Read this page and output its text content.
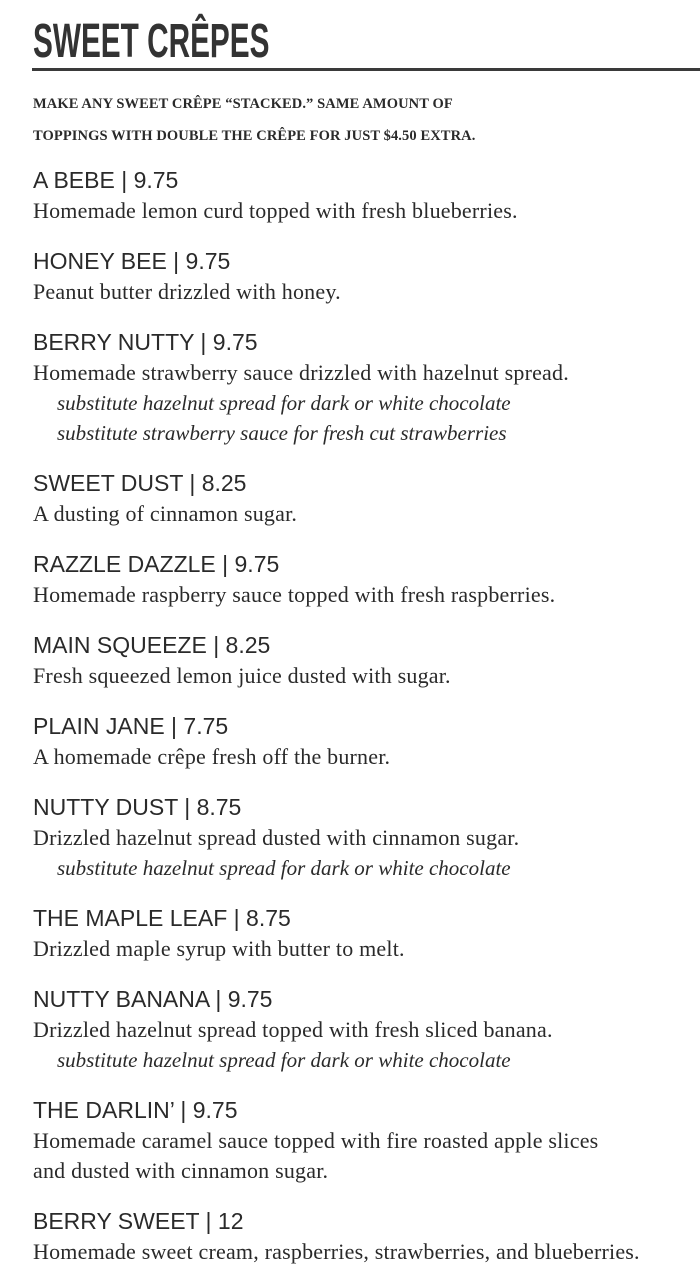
SWEET CRÊPES
MAKE ANY SWEET CRÊPE “STACKED.” SAME AMOUNT OF
TOPPINGS WITH DOUBLE THE CRÊPE FOR JUST $4.50 EXTRA.
A BEBE | 9.75
Homemade lemon curd topped with fresh blueberries.
HONEY BEE | 9.75
Peanut butter drizzled with honey.
BERRY NUTTY | 9.75
Homemade strawberry sauce drizzled with hazelnut spread.
substitute hazelnut spread for dark or white chocolate
substitute strawberry sauce for fresh cut strawberries
SWEET DUST | 8.25
A dusting of cinnamon sugar.
RAZZLE DAZZLE | 9.75
Homemade raspberry sauce topped with fresh raspberries.
MAIN SQUEEZE | 8.25
Fresh squeezed lemon juice dusted with sugar.
PLAIN JANE | 7.75
A homemade crêpe fresh off the burner.
NUTTY DUST | 8.75
Drizzled hazelnut spread dusted with cinnamon sugar.
substitute hazelnut spread for dark or white chocolate
THE MAPLE LEAF | 8.75
Drizzled maple syrup with butter to melt.
NUTTY BANANA | 9.75
Drizzled hazelnut spread topped with fresh sliced banana.
substitute hazelnut spread for dark or white chocolate
THE DARLIN’ | 9.75
Homemade caramel sauce topped with fire roasted apple slices
and dusted with cinnamon sugar.
BERRY SWEET | 12
Homemade sweet cream, raspberries, strawberries, and blueberries.
